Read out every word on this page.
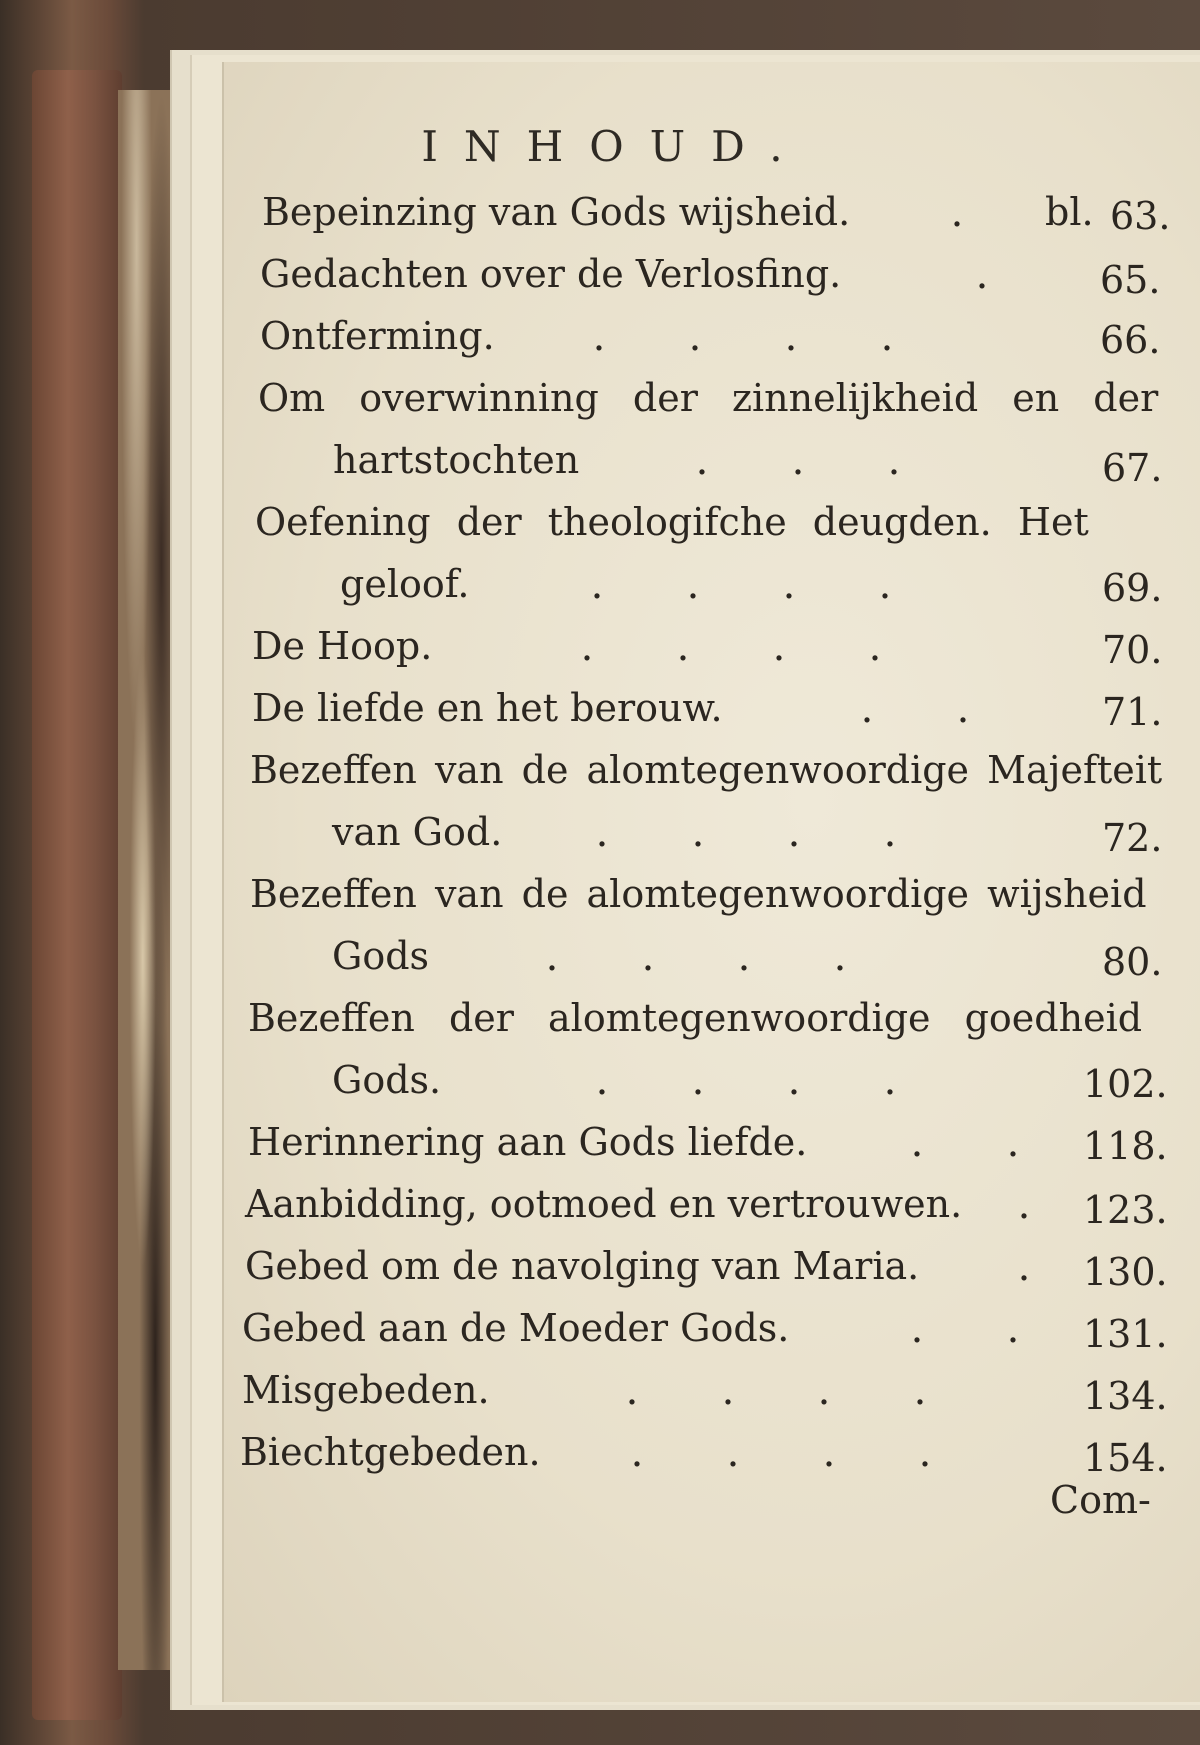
INHOUD.
Bepeinzing van Gods wijsheid.	.	bl. 63.
Gedachten over de Verlosfing.	.	65.
Ontferming.	. . . .	66.
Om overwinning der zinnelijkheid en der
hartstochten	. . .	67.
Oefening der theologifche deugden. Het
geloof.	. . . .	69.
De Hoop.	. . . .	70.
De liefde en het berouw.	. .	71.
Bezeffen van de alomtegenwoordige Majefteit
van God.	. . . .	72.
Bezeffen van de alomtegenwoordige wijsheid
Gods	. . . .	80.
Bezeffen der alomtegenwoordige goedheid
Gods.	. . . .	102.
Herinnering aan Gods liefde.	. .	118.
Aanbidding, ootmoed en vertrouwen.	.	123.
Gebed om de navolging van Maria.	.	130.
Gebed aan de Moeder Gods.	. .	131.
Misgebeden.	. . . .	134.
Biechtgebeden.	. . . .	154.
Com-
